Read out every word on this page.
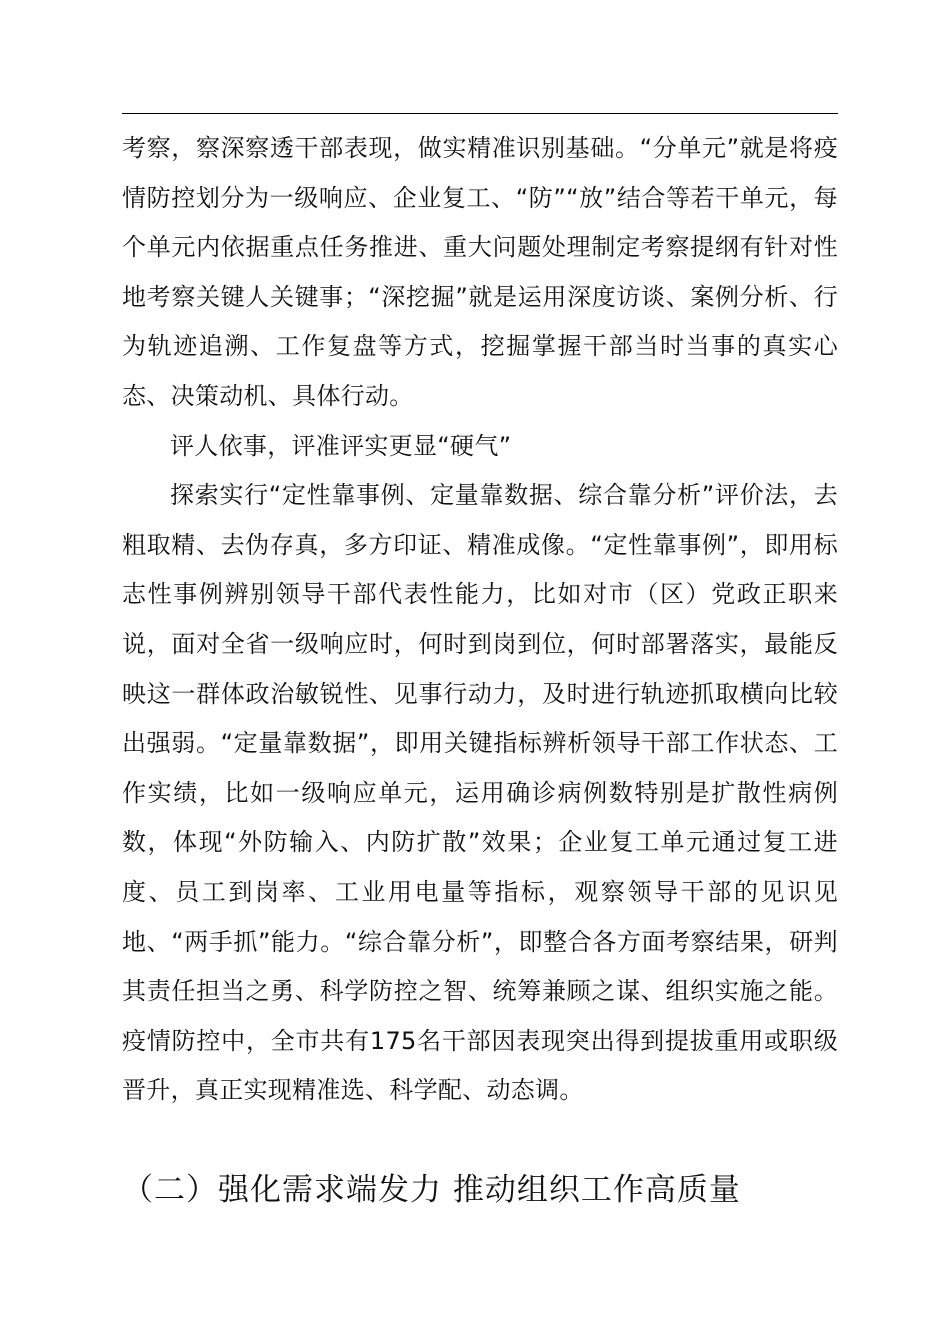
考察，察深察透干部表现，做实精准识别基础。“分单元”就是将疫情防控划分为一级响应、企业复工、“防”“放”结合等若干单元，每个单元内依据重点任务推进、重大问题处理制定考察提纲有针对性地考察关键人关键事；“深挖掘”就是运用深度访谈、案例分析、行为轨迹追溯、工作复盘等方式，挖掘掌握干部当时当事的真实心态、决策动机、具体行动。

评人依事，评准评实更显“硬气”

探索实行“定性靠事例、定量靠数据、综合靠分析”评价法，去粗取精、去伪存真，多方印证、精准成像。“定性靠事例”，即用标志性事例辨别领导干部代表性能力，比如对市（区）党政正职来说，面对全省一级响应时，何时到岗到位，何时部署落实，最能反映这一群体政治敏锐性、见事行动力，及时进行轨迹抓取横向比较出强弱。“定量靠数据”，即用关键指标辨析领导干部工作状态、工作实绩，比如一级响应单元，运用确诊病例数特别是扩散性病例数，体现“外防输入、内防扩散”效果；企业复工单元通过复工进度、员工到岗率、工业用电量等指标，观察领导干部的见识见地、“两手抓”能力。“综合靠分析”，即整合各方面考察结果，研判其责任担当之勇、科学防控之智、统筹兼顾之谋、组织实施之能。疫情防控中，全市共有175名干部因表现突出得到提拔重用或职级晋升，真正实现精准选、科学配、动态调。

（二）强化需求端发力 推动组织工作高质量
